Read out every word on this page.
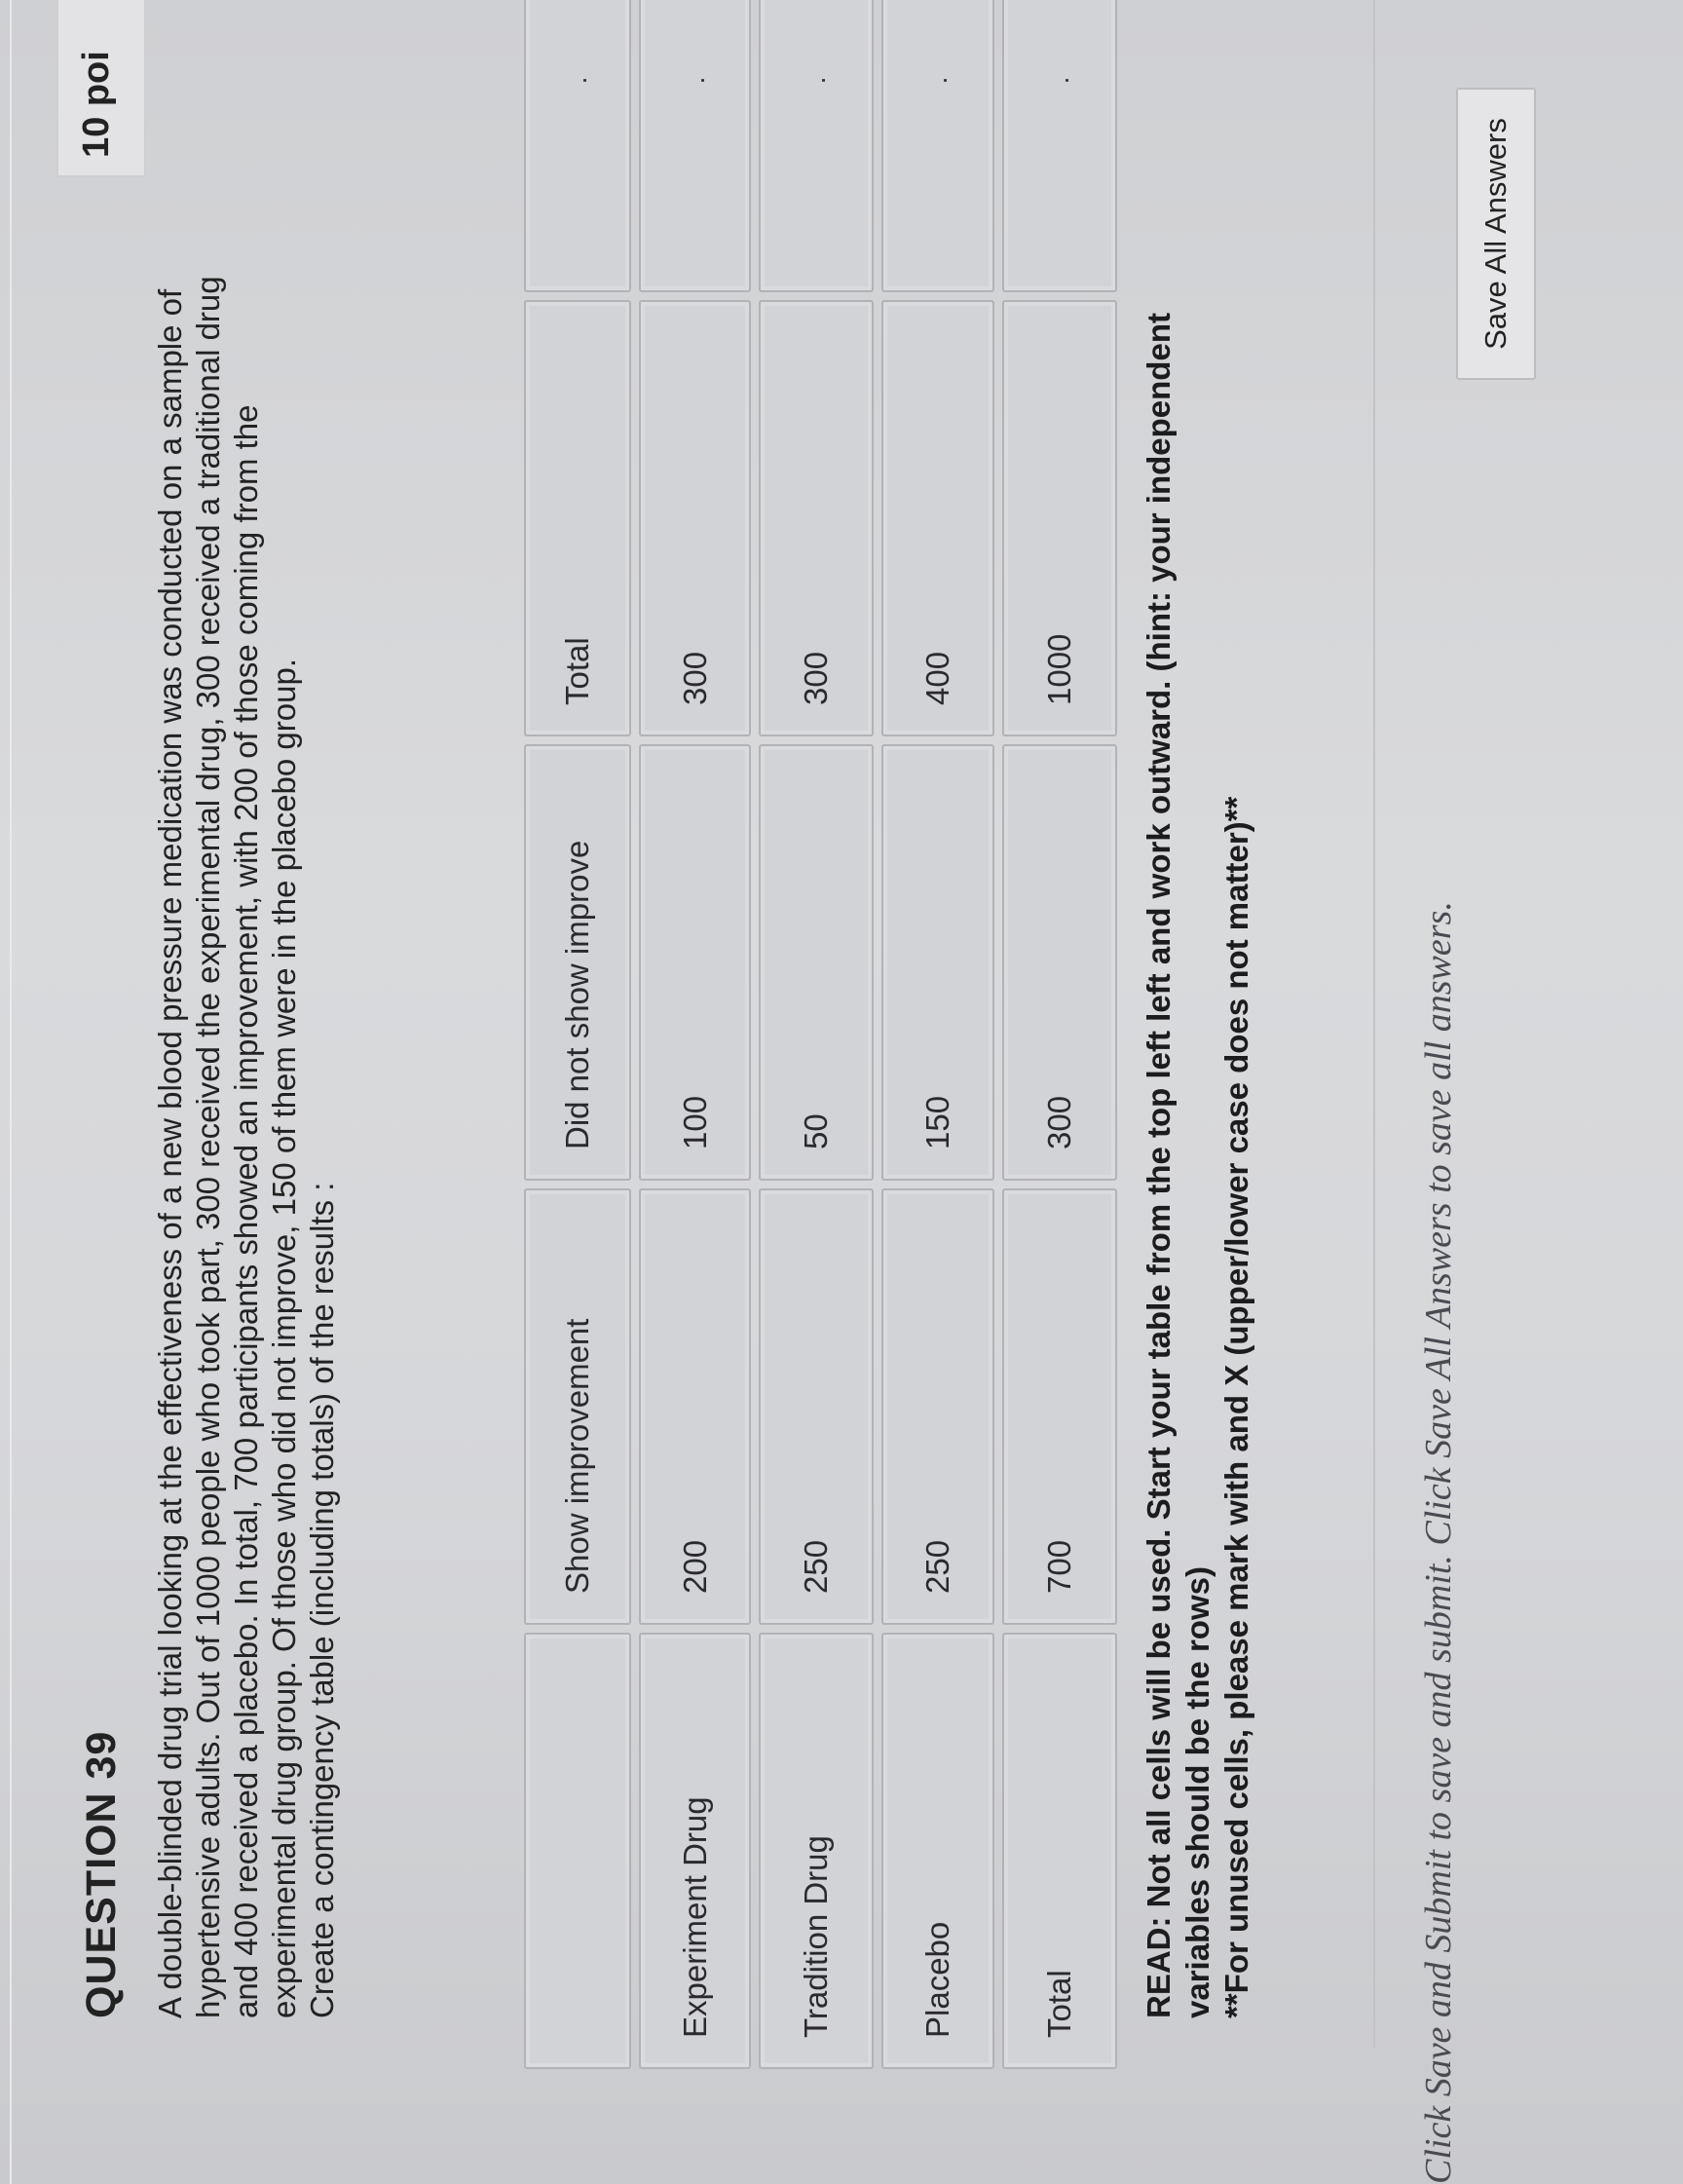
QUESTION 39
10 poi

A double-blinded drug trial looking at the effectiveness of a new blood pressure medication was conducted on a sample of hypertensive adults. Out of 1000 people who took part, 300 received the experimental drug, 300 received a traditional drug and 400 received a placebo. In total, 700 participants showed an improvement, with 200 of those coming from the experimental drug group. Of those who did not improve, 150 of them were in the placebo group. Create a contingency table (including totals) of the results :	Show improvement
Did not show improve
Total
.
Experiment Drug
200
100
300
.
Tradition Drug
250
50
300
.
Placebo
250
150
400
.
Total
700
300
1000
.

READ: Not all cells will be used. Start your table from the top left left and work outward. (hint: your independent variables should be the rows) **For unused cells, please mark with and X (upper/lower case does not matter)**	Click Save and Submit to save and submit. Click Save All Answers to save all answers.
Save All Answers
